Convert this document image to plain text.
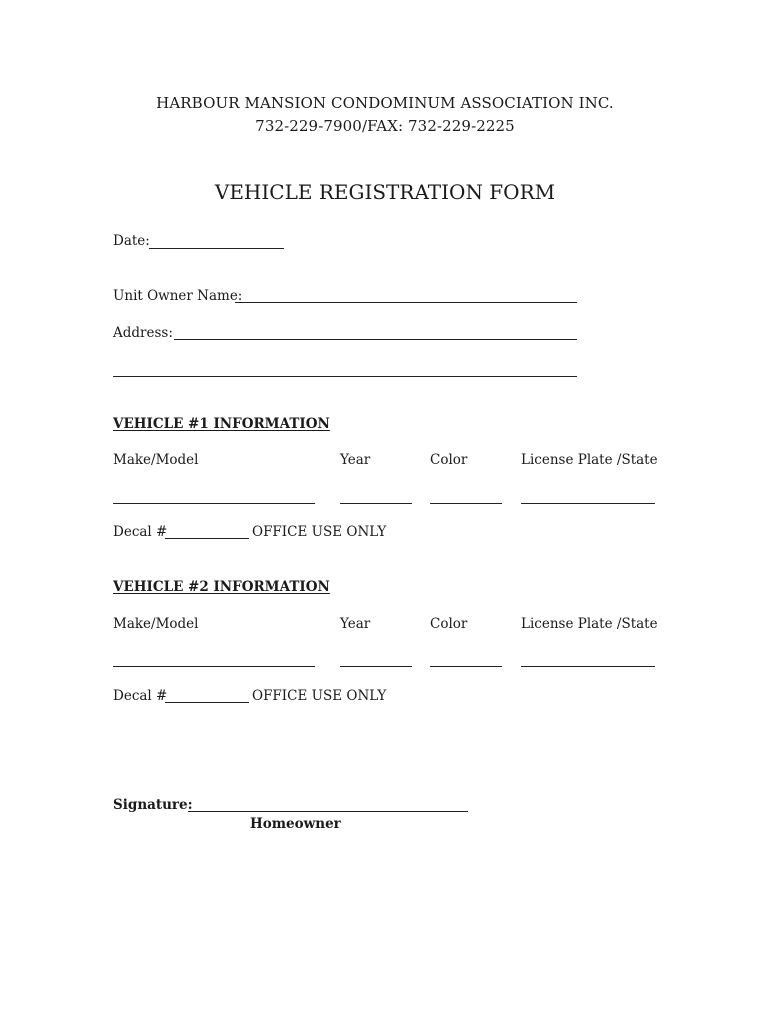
HARBOUR MANSION CONDOMINUM ASSOCIATION INC.
732-229-7900/FAX: 732-229-2225
VEHICLE REGISTRATION FORM
Date:
Unit Owner Name:
Address:
VEHICLE #1 INFORMATION
Make/Model	Year	Color	License Plate /State
Decal #	OFFICE USE ONLY
VEHICLE #2 INFORMATION
Make/Model	Year	Color	License Plate /State
Decal #	OFFICE USE ONLY
Signature:
Homeowner
